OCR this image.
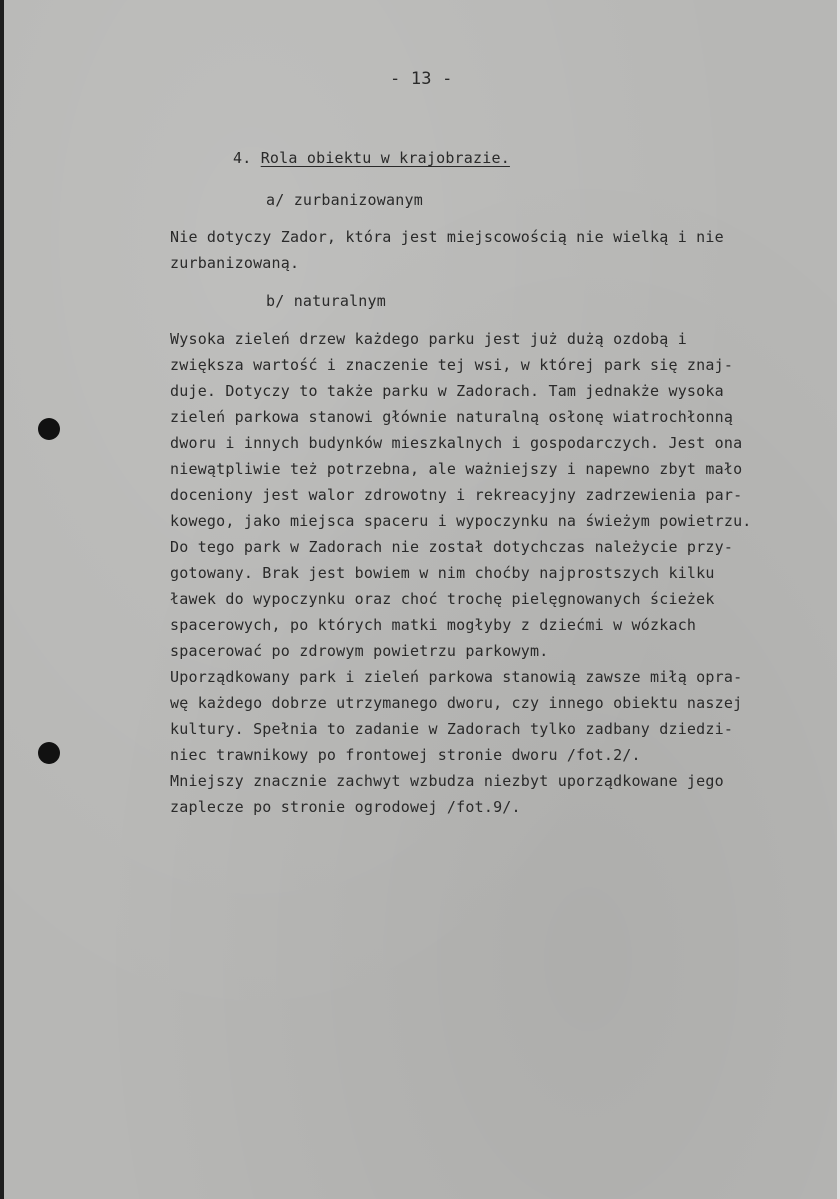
- 13 -
4. Rola obiektu w krajobrazie.
a/ zurbanizowanym
Nie dotyczy Zador, która jest miejscowością nie wielką i nie
zurbanizowaną.
b/ naturalnym
Wysoka zieleń drzew każdego parku jest już dużą ozdobą i
zwiększa wartość i znaczenie tej wsi, w której park się znaj-
duje. Dotyczy to także parku w Zadorach. Tam jednakże wysoka
zieleń parkowa stanowi głównie naturalną osłonę wiatrochłonną
dworu i innych budynków mieszkalnych i gospodarczych. Jest ona
niewątpliwie też potrzebna, ale ważniejszy i napewno zbyt mało
doceniony jest walor zdrowotny i rekreacyjny zadrzewienia par-
kowego, jako miejsca spaceru i wypoczynku na świeżym powietrzu.
Do tego park w Zadorach nie został dotychczas należycie przy-
gotowany. Brak jest bowiem w nim choćby najprostszych kilku
ławek do wypoczynku oraz choć trochę pielęgnowanych ścieżek
spacerowych, po których matki mogłyby z dziećmi w wózkach
spacerować po zdrowym powietrzu parkowym.
Uporządkowany park i zieleń parkowa stanowią zawsze miłą opra-
wę każdego dobrze utrzymanego dworu, czy innego obiektu naszej
kultury. Spełnia to zadanie w Zadorach tylko zadbany dziedzi-
niec trawnikowy po frontowej stronie dworu /fot.2/.
Mniejszy znacznie zachwyt wzbudza niezbyt uporządkowane jego
zaplecze po stronie ogrodowej /fot.9/.
